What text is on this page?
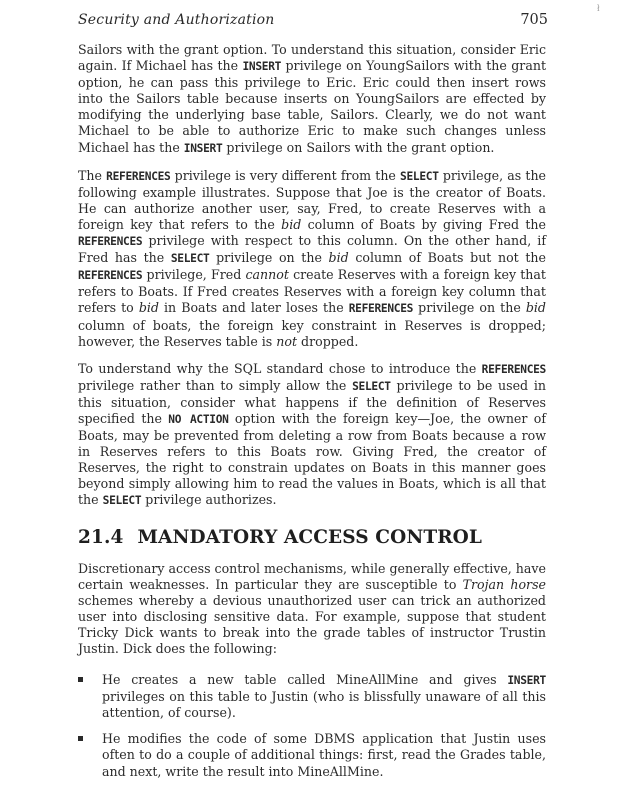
Security and Authorization	705
ł

Sailors with the grant option. To understand this situation, consider Eric again. If Michael has the INSERT privilege on YoungSailors with the grant option, he can pass this privilege to Eric. Eric could then insert rows into the Sailors table because inserts on YoungSailors are effected by modifying the underlying base table, Sailors. Clearly, we do not want Michael to be able to authorize Eric to make such changes unless Michael has the INSERT privilege on Sailors with the grant option.

The REFERENCES privilege is very different from the SELECT privilege, as the following example illustrates. Suppose that Joe is the creator of Boats. He can authorize another user, say, Fred, to create Reserves with a foreign key that refers to the bid column of Boats by giving Fred the REFERENCES privilege with respect to this column. On the other hand, if Fred has the SELECT privilege on the bid column of Boats but not the REFERENCES privilege, Fred cannot create Reserves with a foreign key that refers to Boats. If Fred creates Reserves with a foreign key column that refers to bid in Boats and later loses the REFERENCES privilege on the bid column of boats, the foreign key constraint in Reserves is dropped; however, the Reserves table is not dropped.

To understand why the SQL standard chose to introduce the REFERENCES privilege rather than to simply allow the SELECT privilege to be used in this situation, consider what happens if the definition of Reserves specified the NO ACTION option with the foreign key—Joe, the owner of Boats, may be prevented from deleting a row from Boats because a row in Reserves refers to this Boats row. Giving Fred, the creator of Reserves, the right to constrain updates on Boats in this manner goes beyond simply allowing him to read the values in Boats, which is all that the SELECT privilege authorizes.

21.4 MANDATORY ACCESS CONTROL

Discretionary access control mechanisms, while generally effective, have certain weaknesses. In particular they are susceptible to Trojan horse schemes whereby a devious unauthorized user can trick an authorized user into disclosing sensitive data. For example, suppose that student Tricky Dick wants to break into the grade tables of instructor Trustin Justin. Dick does the following:

He creates a new table called MineAllMine and gives INSERT privileges on this table to Justin (who is blissfully unaware of all this attention, of course).

He modifies the code of some DBMS application that Justin uses often to do a couple of additional things: first, read the Grades table, and next, write the result into MineAllMine.
